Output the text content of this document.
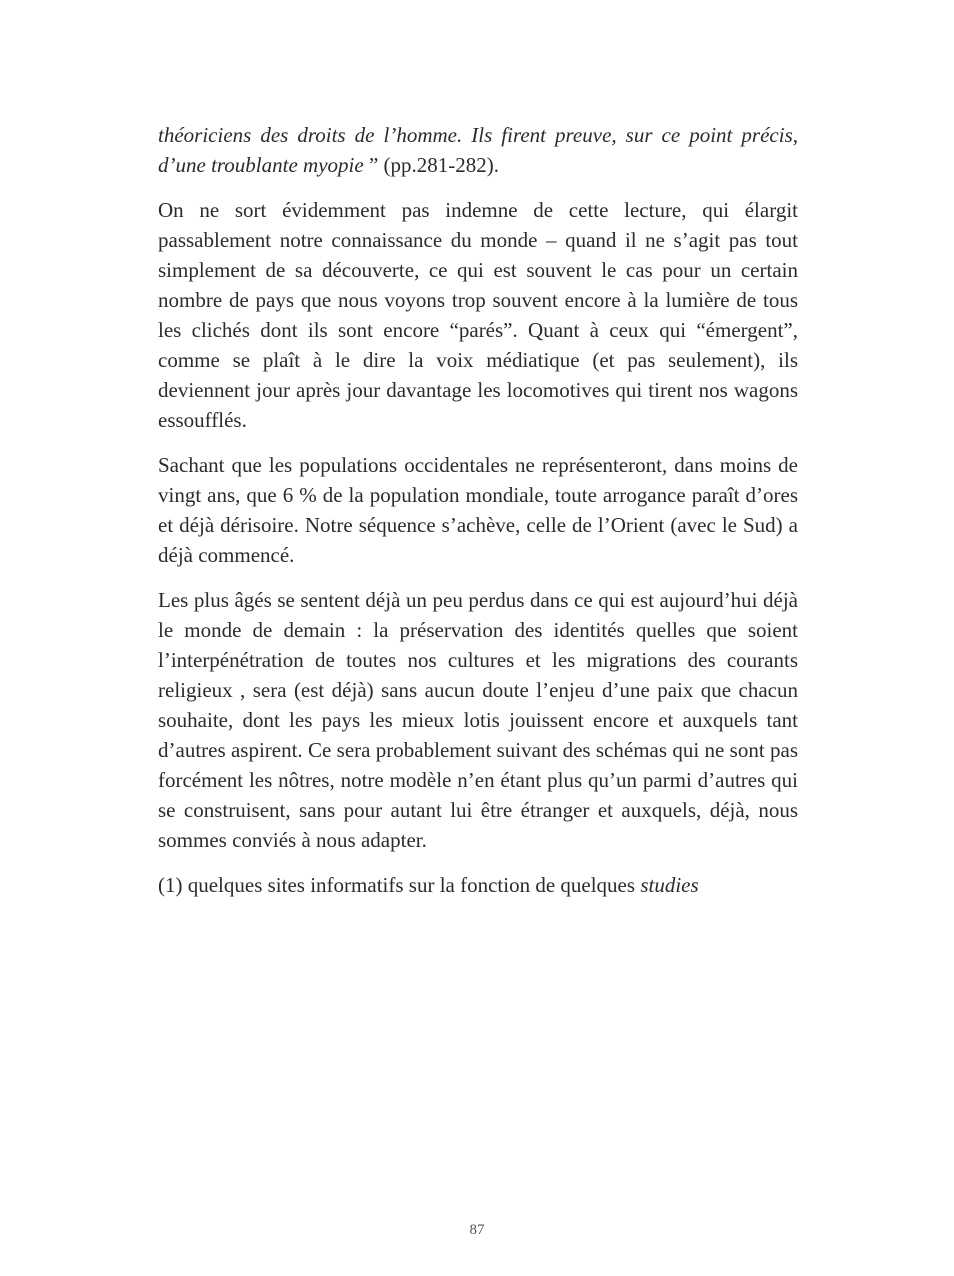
théoriciens des droits de l’homme. Ils firent preuve, sur ce point précis, d’une troublante myopie ” (pp.281-282).

On ne sort évidemment pas indemne de cette lecture, qui élargit passablement notre connaissance du monde – quand il ne s’agit pas tout simplement de sa découverte, ce qui est souvent le cas pour un certain nombre de pays que nous voyons trop souvent encore à la lumière de tous les clichés dont ils sont encore “parés”. Quant à ceux qui “émergent”, comme se plaît à le dire la voix médiatique (et pas seulement), ils deviennent jour après jour davantage les locomotives qui tirent nos wagons essoufflés.

Sachant que les populations occidentales ne représenteront, dans moins de vingt ans, que 6 % de la population mondiale, toute arrogance paraît d’ores et déjà dérisoire. Notre séquence s’achève, celle de l’Orient (avec le Sud) a déjà commencé.

Les plus âgés se sentent déjà un peu perdus dans ce qui est aujourd’hui déjà le monde de demain : la préservation des identités quelles que soient l’interpénétration de toutes nos cultures et les migrations des courants religieux , sera (est déjà) sans aucun doute l’enjeu d’une paix que chacun souhaite, dont les pays les mieux lotis jouissent encore et auxquels tant d’autres aspirent. Ce sera probablement suivant des schémas qui ne sont pas forcément les nôtres, notre modèle n’en étant plus qu’un parmi d’autres qui se construisent, sans pour autant lui être étranger et auxquels, déjà, nous sommes conviés à nous adapter.

(1) quelques sites informatifs sur la fonction de quelques studies

87
